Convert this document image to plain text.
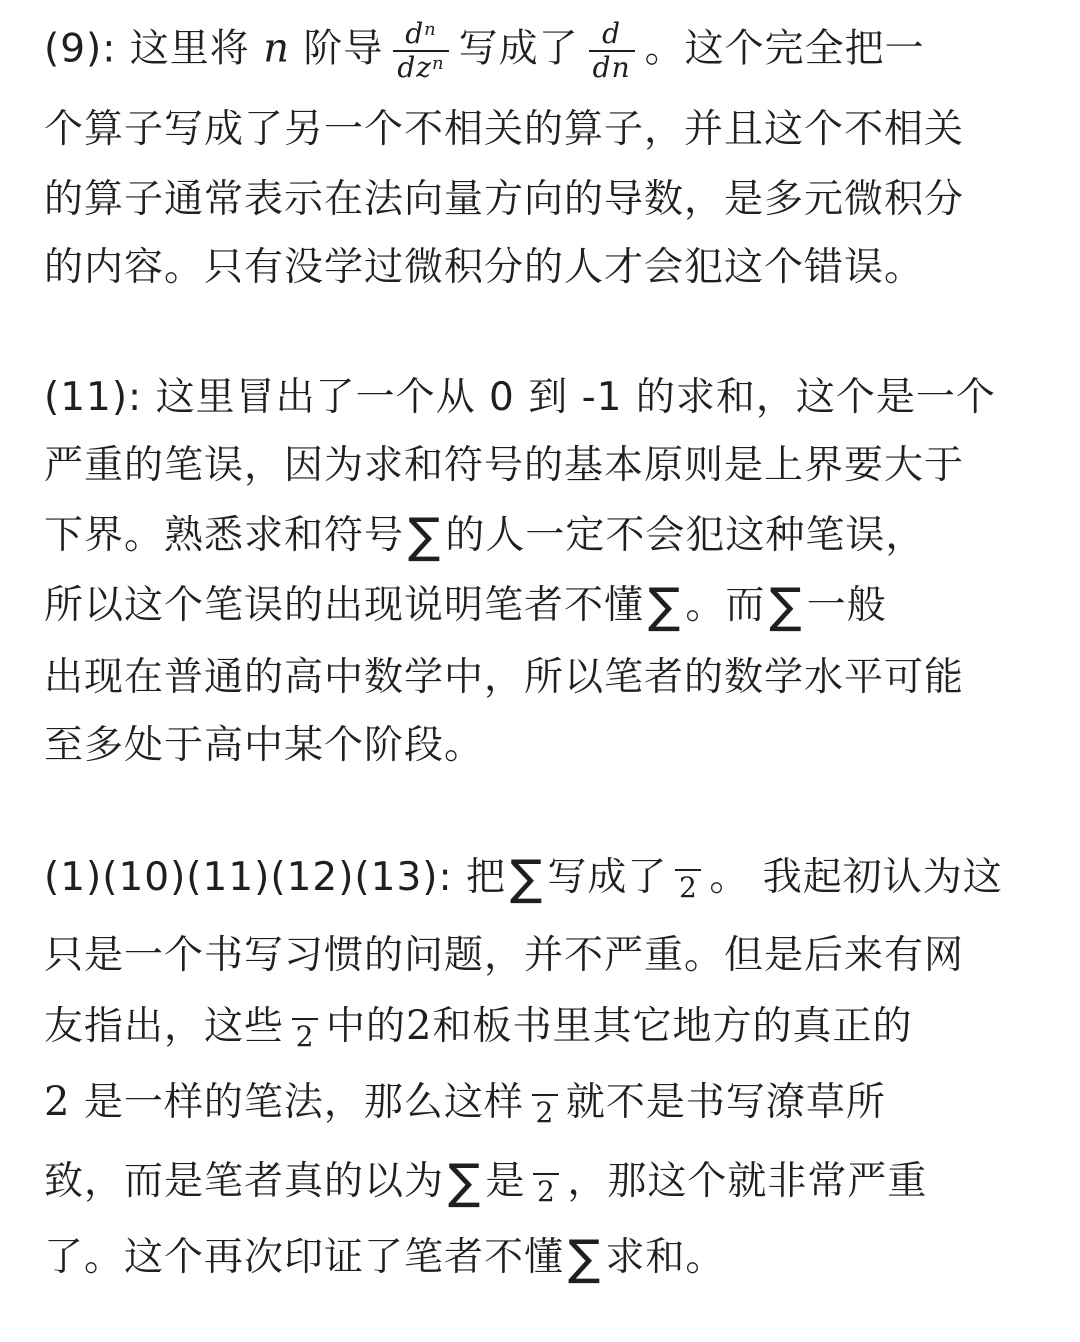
(9): 这里将 n 阶导 $\frac{d^n}{dz^n}$ 写成了 $\frac{d}{dn}$ 。这个完全把一
个算子写成了另一个不相关的算子，并且这个不相关
的算子通常表示在法向量方向的导数，是多元微积分
的内容。只有没学过微积分的人才会犯这个错误。
(11): 这里冒出了一个从 0 到 -1 的求和，这个是一个
严重的笔误，因为求和符号的基本原则是上界要大于
下界。熟悉求和符号∑ 的人一定不会犯这种笔误，
所以这个笔误的出现说明笔者不懂∑ 。而∑ 一般
出现在普通的高中数学中，所以笔者的数学水平可能
至多处于高中某个阶段。
(1)(10)(11)(12)(13): 把∑ 写成了 2 。 我起初认为这
只是一个书写习惯的问题，并不严重。但是后来有网
友指出，这些 2 中的2和板书里其它地方的真正的
2 是一样的笔法，那么这样 2 就不是书写潦草所
致，而是笔者真的以为∑ 是 2 ，那这个就非常严重
了。这个再次印证了笔者不懂∑ 求和。
